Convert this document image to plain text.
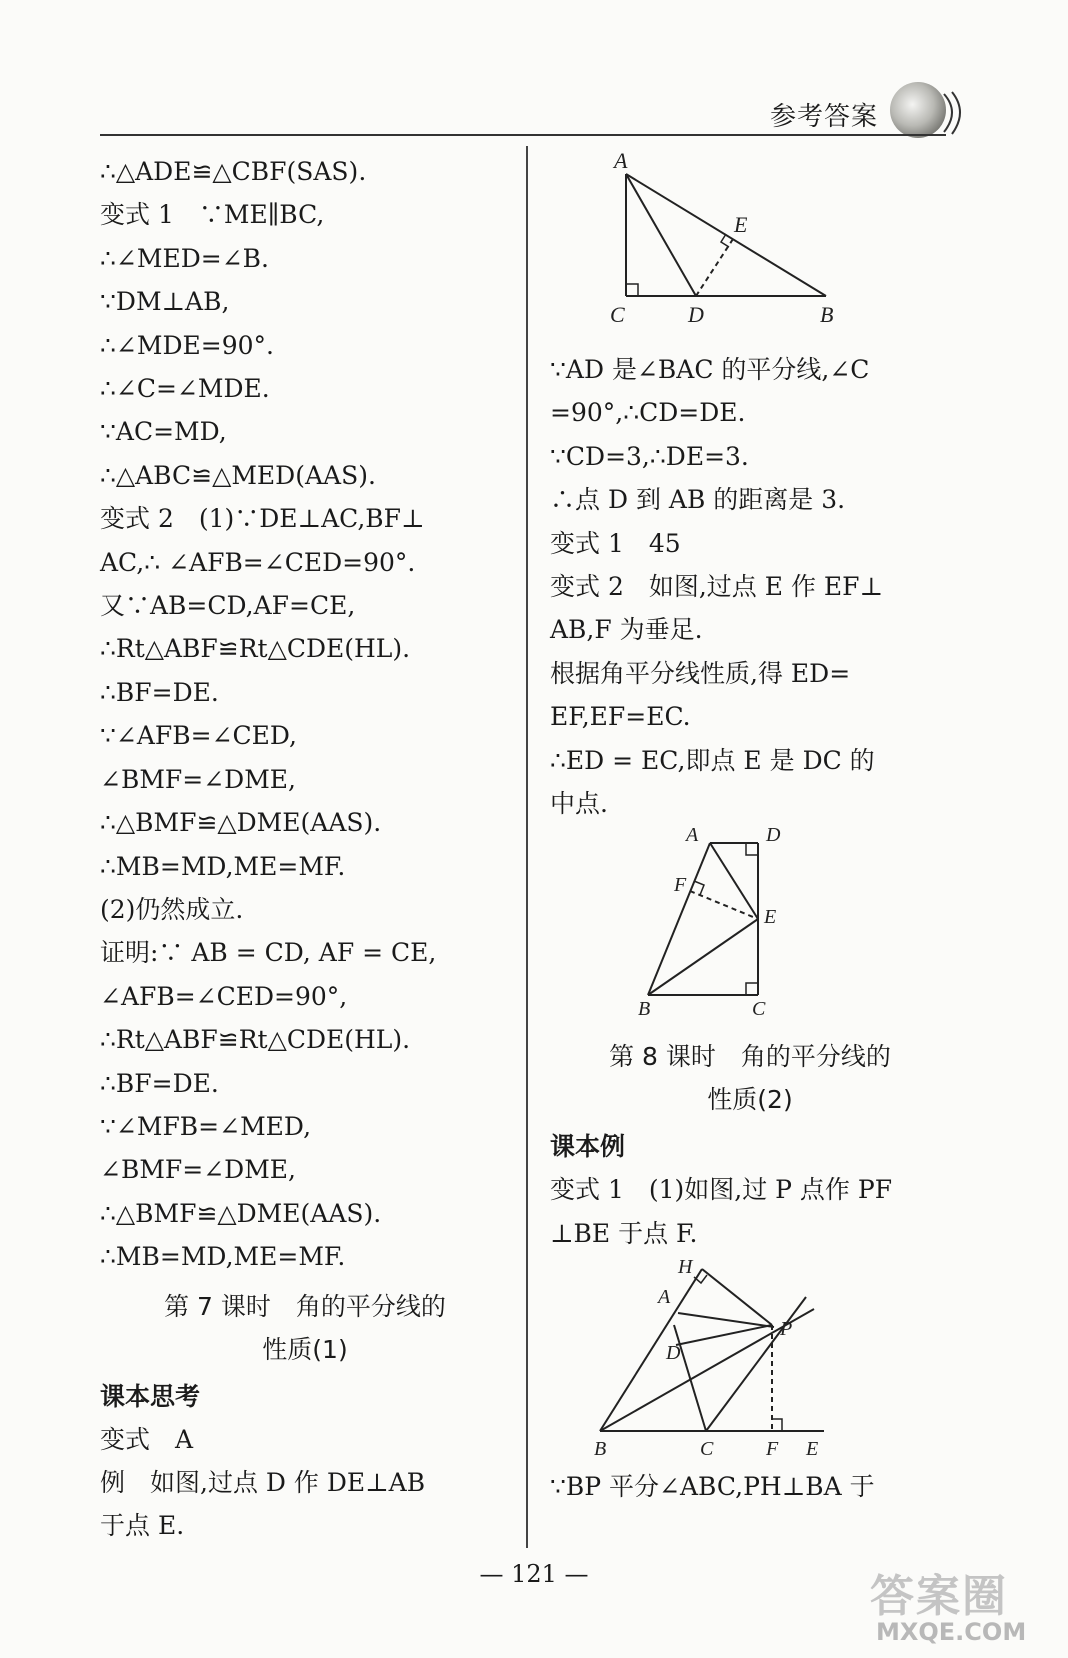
参考答案
∴△ADE≌△CBF(SAS).
变式 1　∵ME∥BC,
∴∠MED=∠B.
∵DM⊥AB,
∴∠MDE=90°.
∴∠C=∠MDE.
∵AC=MD,
∴△ABC≌△MED(AAS).
变式 2　(1)∵DE⊥AC,BF⊥
AC,∴ ∠AFB=∠CED=90°.
又∵AB=CD,AF=CE,
∴Rt△ABF≌Rt△CDE(HL).
∴BF=DE.
∵∠AFB=∠CED,
∠BMF=∠DME,
∴△BMF≌△DME(AAS).
∴MB=MD,ME=MF.
(2)仍然成立.
证明:∵ AB = CD, AF = CE,
∠AFB=∠CED=90°,
∴Rt△ABF≌Rt△CDE(HL).
∴BF=DE.
∵∠MFB=∠MED,
∠BMF=∠DME,
∴△BMF≌△DME(AAS).
∴MB=MD,ME=MF.
第 7 课时　角的平分线的
性质(1)
课本思考
变式　A
例　如图,过点 D 作 DE⊥AB
于点 E.
A
E
C	D	B
∵AD 是∠BAC 的平分线,∠C
=90°,∴CD=DE.
∵CD=3,∴DE=3.
∴点 D 到 AB 的距离是 3.
变式 1　45
变式 2　如图,过点 E 作 EF⊥
AB,F 为垂足.
根据角平分线性质,得 ED=
EF,EF=EC.
∴ED = EC,即点 E 是 DC 的
中点.
A	D
F
E
B	C
第 8 课时　角的平分线的
性质(2)
课本例
变式 1　(1)如图,过 P 点作 PF
⊥BE 于点 F.
H
A
P
D
B	C	F E
∵BP 平分∠ABC,PH⊥BA 于
— 121 —	答案圈
MXQE.COM
